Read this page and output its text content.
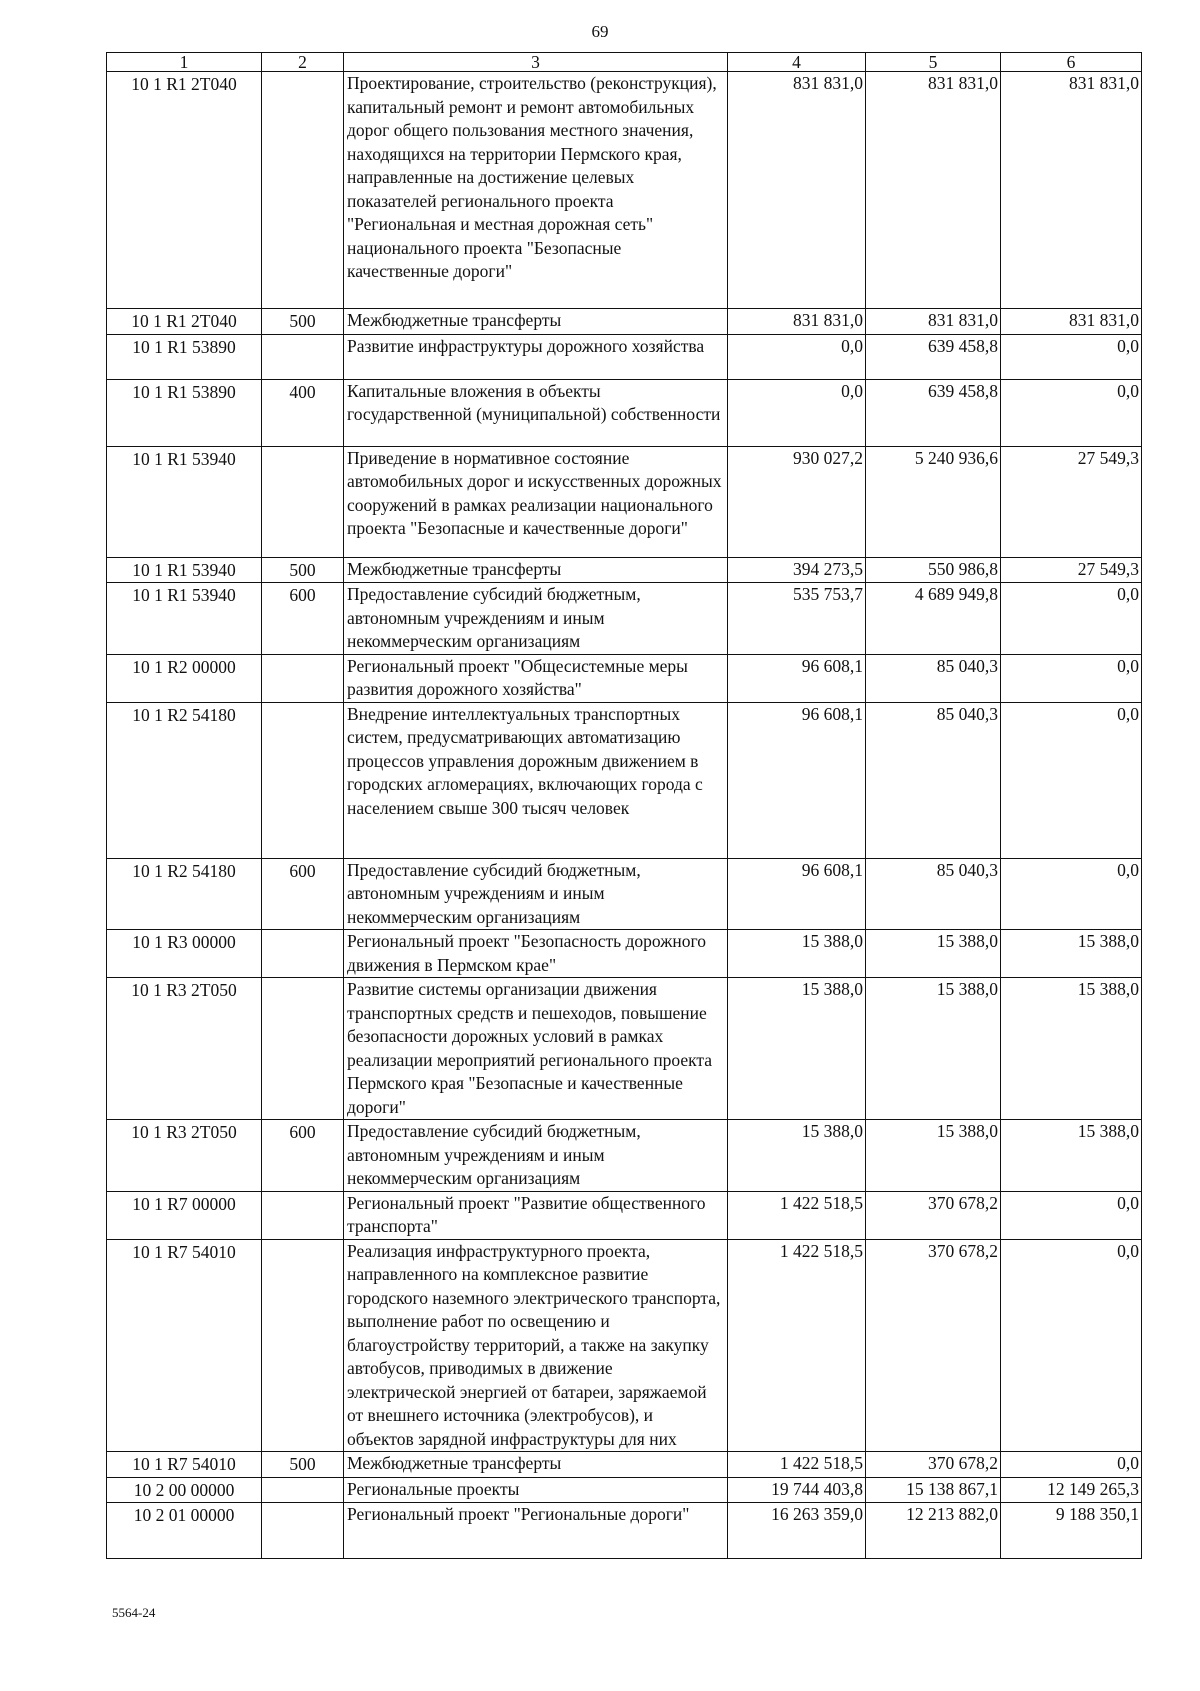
69
1	2	3	4	5	6
10 1 R1 2T040		Проектирование, строительство (реконструкция), капитальный ремонт и ремонт автомобильных дорог общего пользования местного значения, находящихся на территории Пермского края, направленные на достижение целевых показателей регионального проекта "Региональная и местная дорожная сеть" национального проекта "Безопасные качественные дороги"	831 831,0	831 831,0	831 831,0
10 1 R1 2T040	500	Межбюджетные трансферты	831 831,0	831 831,0	831 831,0
10 1 R1 53890		Развитие инфраструктуры дорожного хозяйства	0,0	639 458,8	0,0
10 1 R1 53890	400	Капитальные вложения в объекты государственной (муниципальной) собственности	0,0	639 458,8	0,0
10 1 R1 53940		Приведение в нормативное состояние автомобильных дорог и искусственных дорожных сооружений в рамках реализации национального проекта "Безопасные и качественные дороги"	930 027,2	5 240 936,6	27 549,3
10 1 R1 53940	500	Межбюджетные трансферты	394 273,5	550 986,8	27 549,3
10 1 R1 53940	600	Предоставление субсидий бюджетным, автономным учреждениям и иным некоммерческим организациям	535 753,7	4 689 949,8	0,0
10 1 R2 00000		Региональный проект "Общесистемные меры развития дорожного хозяйства"	96 608,1	85 040,3	0,0
10 1 R2 54180		Внедрение интеллектуальных транспортных систем, предусматривающих автоматизацию процессов управления дорожным движением в городских агломерациях, включающих города с населением свыше 300 тысяч человек	96 608,1	85 040,3	0,0
10 1 R2 54180	600	Предоставление субсидий бюджетным, автономным учреждениям и иным некоммерческим организациям	96 608,1	85 040,3	0,0
10 1 R3 00000		Региональный проект "Безопасность дорожного движения в Пермском крае"	15 388,0	15 388,0	15 388,0
10 1 R3 2T050		Развитие системы организации движения транспортных средств и пешеходов, повышение безопасности дорожных условий в рамках реализации мероприятий регионального проекта Пермского края "Безопасные и качественные дороги"	15 388,0	15 388,0	15 388,0
10 1 R3 2T050	600	Предоставление субсидий бюджетным, автономным учреждениям и иным некоммерческим организациям	15 388,0	15 388,0	15 388,0
10 1 R7 00000		Региональный проект "Развитие общественного транспорта"	1 422 518,5	370 678,2	0,0
10 1 R7 54010		Реализация инфраструктурного проекта, направленного на комплексное развитие городского наземного электрического транспорта, выполнение работ по освещению и благоустройству территорий, а также на закупку автобусов, приводимых в движение электрической энергией от батареи, заряжаемой от внешнего источника (электробусов), и объектов зарядной инфраструктуры для них	1 422 518,5	370 678,2	0,0
10 1 R7 54010	500	Межбюджетные трансферты	1 422 518,5	370 678,2	0,0
10 2 00 00000		Региональные проекты	19 744 403,8	15 138 867,1	12 149 265,3
10 2 01 00000		Региональный проект "Региональные дороги"	16 263 359,0	12 213 882,0	9 188 350,1
5564-24
